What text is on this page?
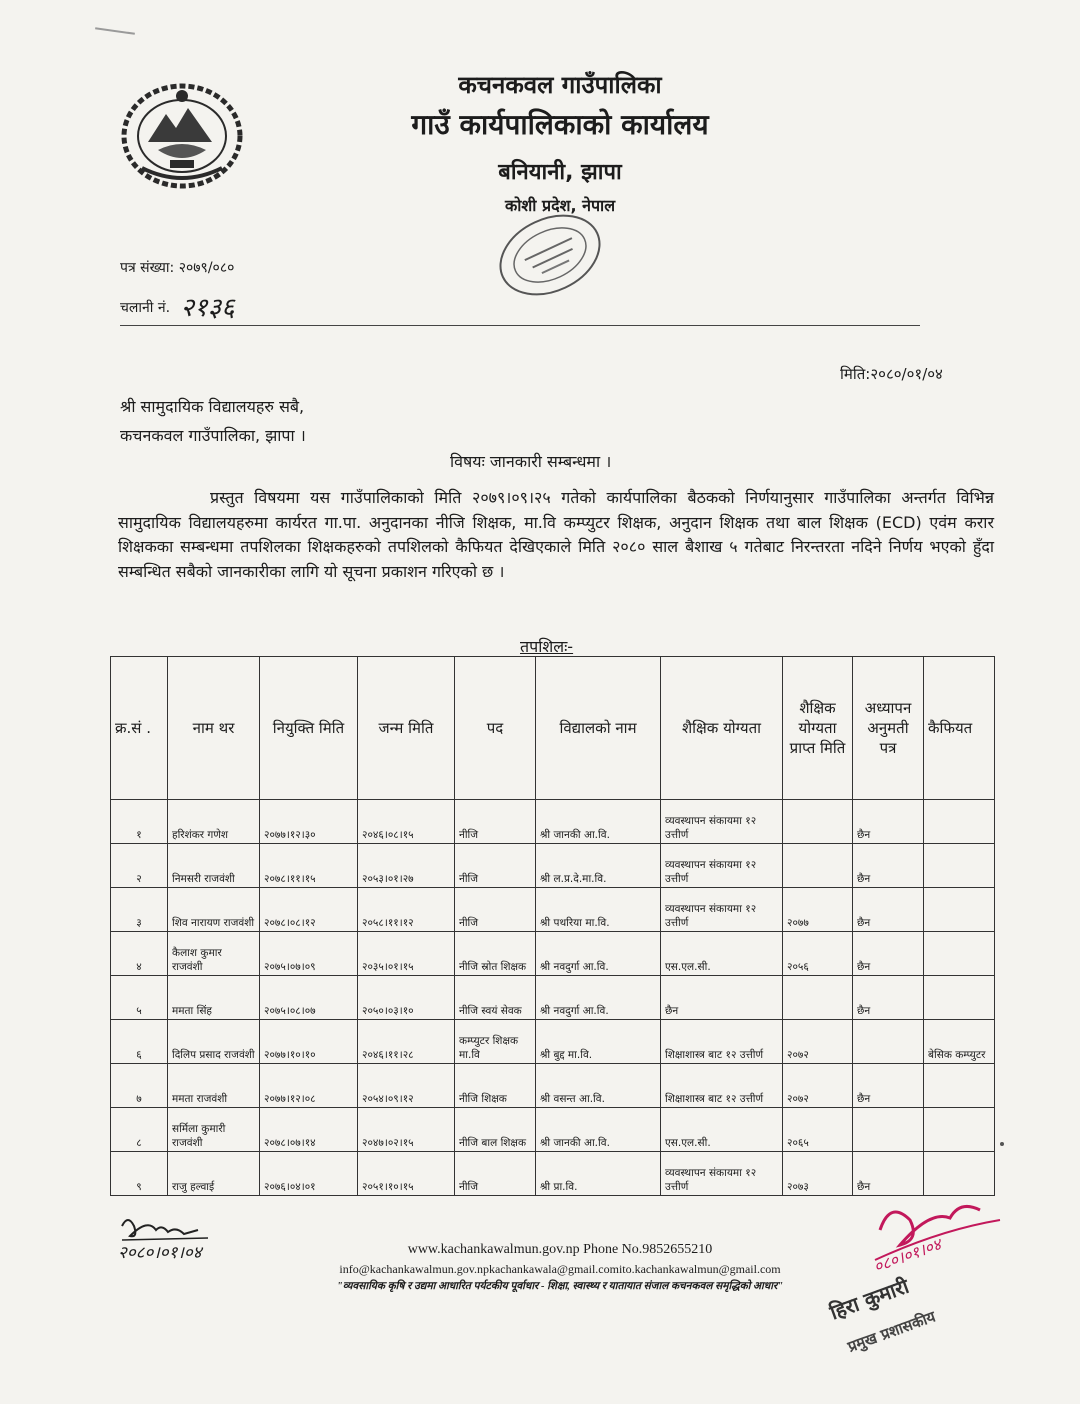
कचनकवल गाउँपालिका
गाउँ कार्यपालिकाको कार्यालय
बनियानी, झापा
कोशी प्रदेश, नेपाल
पत्र संख्या: २०७९/०८०
चलानी नं. २१३६
मिति:२०८०/०१/०४
श्री सामुदायिक विद्यालयहरु सबै,
कचनकवल गाउँपालिका, झापा ।
विषयः जानकारी सम्बन्धमा ।
प्रस्तुत विषयमा यस गाउँपालिकाको मिति २०७९।०९।२५ गतेको कार्यपालिका बैठकको निर्णयानुसार गाउँपालिका अन्तर्गत विभिन्न सामुदायिक विद्यालयहरुमा कार्यरत गा.पा. अनुदानका नीजि शिक्षक, मा.वि कम्प्युटर शिक्षक, अनुदान शिक्षक तथा बाल शिक्षक (ECD) एवंम करार शिक्षकका सम्बन्धमा तपशिलका शिक्षकहरुको तपशिलको कैफियत देखिएकाले मिति २०८० साल बैशाख ५ गतेबाट निरन्तरता नदिने निर्णय भएको हुँदा सम्बन्धित सबैको जानकारीका लागि यो सूचना प्रकाशन गरिएको छ ।
तपशिलः-
क्र.सं .	नाम थर	नियुक्ति मिति	जन्म मिति	पद	विद्यालको नाम	शैक्षिक योग्यता	शैक्षिक योग्यता प्राप्त मिति	अध्यापन अनुमती पत्र	कैफियत
१	हरिशंकर गणेश	२०७७।१२।३०	२०४६।०८।१५	नीजि	श्री जानकी आ.वि.	व्यवस्थापन संकायमा १२ उत्तीर्ण		छैन	
२	निमसरी राजवंशी	२०७८।११।१५	२०५३।०१।२७	नीजि	श्री ल.प्र.दे.मा.वि.	व्यवस्थापन संकायमा १२ उत्तीर्ण		छैन	
३	शिव नारायण राजवंशी	२०७८।०८।१२	२०५८।११।१२	नीजि	श्री पथरिया मा.वि.	व्यवस्थापन संकायमा १२ उत्तीर्ण	२०७७	छैन	
४	कैलाश कुमार राजवंशी	२०७५।०७।०९	२०३५।०१।१५	नीजि स्रोत शिक्षक	श्री नवदुर्गा आ.वि.	एस.एल.सी.	२०५६	छैन	
५	ममता सिंह	२०७५।०८।०७	२०५०।०३।१०	नीजि स्वयं सेवक	श्री नवदुर्गा आ.वि.	छैन		छैन	
६	दिलिप प्रसाद राजवंशी	२०७७।१०।१०	२०४६।११।२८	कम्प्युटर शिक्षक मा.वि	श्री बुद्द मा.वि.	शिक्षाशास्त्र बाट १२ उत्तीर्ण	२०७२		बेसिक कम्प्युटर
७	ममता राजवंशी	२०७७।१२।०८	२०५४।०९।१२	नीजि शिक्षक	श्री वसन्त आ.वि.	शिक्षाशास्त्र बाट १२ उत्तीर्ण	२०७२	छैन	
८	सर्मिला कुमारी राजवंशी	२०७८।०७।१४	२०४७।०२।१५	नीजि बाल शिक्षक	श्री जानकी आ.वि.	एस.एल.सी.	२०६५		
९	राजु हल्वाई	२०७६।०४।०१	२०५१।१०।१५	नीजि	श्री प्रा.वि.	व्यवस्थापन संकायमा १२ उत्तीर्ण	२०७३	छैन	
२०८०।०१।०४	www.kachankawalmun.gov.np Phone No.9852655210
info@kachankawalmun.gov.npkachankawala@gmail.comito.kachankawalmun@gmail.com
"व्यवसायिक कृषि र उद्यमा आधारित पर्यटकीय पूर्वाधार - शिक्षा, स्वास्थ्य र यातायात संजाल कचनकवल समृद्धिको आधार"
०८०।०१।०४
हिरा कुमारी
प्रमुख प्रशासकीय
